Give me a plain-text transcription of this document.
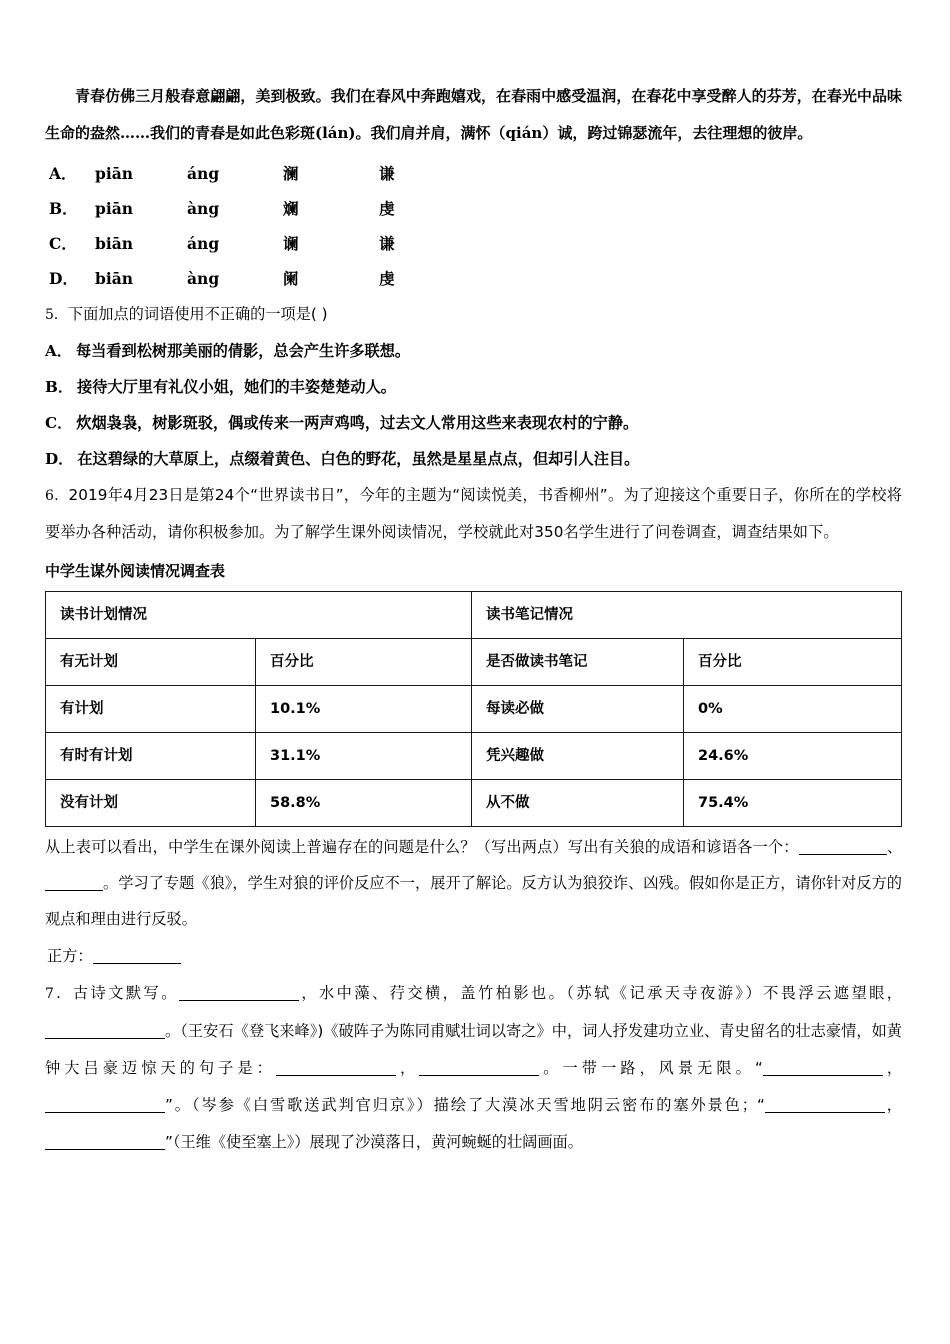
青春仿佛三月般春意翩翩，美到极致。我们在春风中奔跑嬉戏，在春雨中感受温润，在春花中享受醉人的芬芳，在春光中品味生命的盎然……我们的青春是如此色彩斑(lán)。我们肩并肩，满怀（qián）诚，跨过锦瑟流年，去往理想的彼岸。

A．	piān	áng	澜	谦
B．	piān	àng	斓	虔
C．	biān	áng	谰	谦
D．	biān	àng	阑	虔

5．下面加点的词语使用不正确的一项是( )

A． 每当看到松树那美丽的倩影，总会产生许多联想。

B． 接待大厅里有礼仪小姐，她们的丰姿楚楚动人。

C． 炊烟袅袅，树影斑驳，偶或传来一两声鸡鸣，过去文人常用这些来表现农村的宁静。

D． 在这碧绿的大草原上，点缀着黄色、白色的野花，虽然是星星点点，但却引人注目。

6．2019年4月23日是第24个“世界读书日”，今年的主题为“阅读悦美，书香柳州”。为了迎接这个重要日子，你所在的学校将要举办各种活动，请你积极参加。为了解学生课外阅读情况，学校就此对350名学生进行了问卷调查，调查结果如下。

中学生谋外阅读情况调查表
读书计划情况		读书笔记情况	
有无计划	百分比	是否做读书笔记	百分比
有计划	10.1%	每读必做	0%
有时有计划	31.1%	凭兴趣做	24.6%
没有计划	58.8%	从不做	75.4%

从上表可以看出，中学生在课外阅读上普遍存在的问题是什么？（写出两点）写出有关狼的成语和谚语各一个：	、。学习了专题《狼》，学生对狼的评价反应不一，展开了解论。反方认为狼狡诈、凶残。假如你是正方，请你针对反方的观点和理由进行反驳。

正方：

7．古诗文默写。	，水中藻、荇交横，盖竹柏影也。（苏轼《记承天寺夜游》）不畏浮云遮望眼，。（王安石《登飞来峰》)《破阵子为陈同甫赋壮词以寄之》中，词人抒发建功立业、青史留名的壮志豪情，如黄钟大吕豪迈惊天的句子是：	，	。一带一路，风景无限。“	，”。（岑参《白雪歌送武判官归京》）描绘了大漠冰天雪地阴云密布的塞外景色；“	，”（王维《使至塞上》）展现了沙漠落日，黄河蜿蜒的壮阔画面。
